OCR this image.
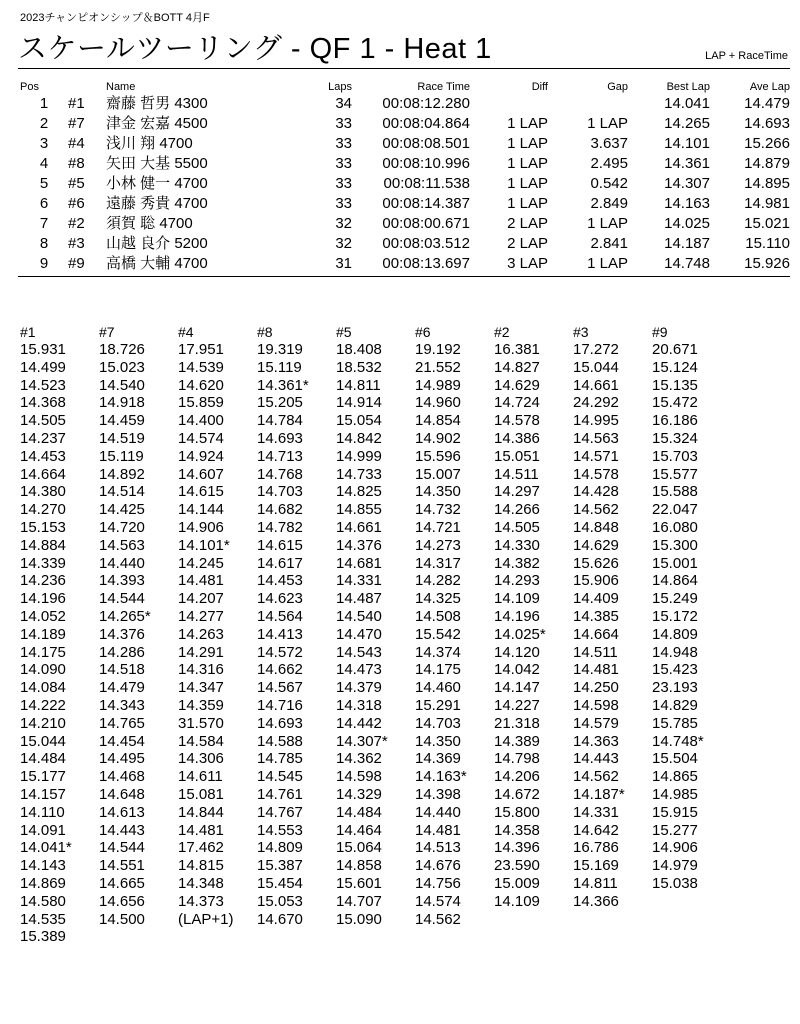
2023チャンピオンシップ＆BOTT 4月F
スケールツーリング - QF 1 - Heat 1	LAP + RaceTime
Pos		Name	Laps	Race Time	Diff	Gap	Best Lap	Ave Lap
1	#1	齋藤 哲男 4300	34	00:08:12.280			14.041	14.479
2	#7	津金 宏嘉 4500	33	00:08:04.864	1 LAP	1 LAP	14.265	14.693
3	#4	浅川 翔 4700	33	00:08:08.501	1 LAP	3.637	14.101	15.266
4	#8	矢田 大基 5500	33	00:08:10.996	1 LAP	2.495	14.361	14.879
5	#5	小林 健一 4700	33	00:08:11.538	1 LAP	0.542	14.307	14.895
6	#6	遠藤 秀貴 4700	33	00:08:14.387	1 LAP	2.849	14.163	14.981
7	#2	須賀 聡 4700	32	00:08:00.671	2 LAP	1 LAP	14.025	15.021
8	#3	山越 良介 5200	32	00:08:03.512	2 LAP	2.841	14.187	15.110
9	#9	高橋 大輔 4700	31	00:08:13.697	3 LAP	1 LAP	14.748	15.926
#1	#7	#4	#8	#5	#6	#2	#3	#9
15.931	18.726	17.951	19.319	18.408	19.192	16.381	17.272	20.671
14.499	15.023	14.539	15.119	18.532	21.552	14.827	15.044	15.124
14.523	14.540	14.620	14.361*	14.811	14.989	14.629	14.661	15.135
14.368	14.918	15.859	15.205	14.914	14.960	14.724	24.292	15.472
14.505	14.459	14.400	14.784	15.054	14.854	14.578	14.995	16.186
14.237	14.519	14.574	14.693	14.842	14.902	14.386	14.563	15.324
14.453	15.119	14.924	14.713	14.999	15.596	15.051	14.571	15.703
14.664	14.892	14.607	14.768	14.733	15.007	14.511	14.578	15.577
14.380	14.514	14.615	14.703	14.825	14.350	14.297	14.428	15.588
14.270	14.425	14.144	14.682	14.855	14.732	14.266	14.562	22.047
15.153	14.720	14.906	14.782	14.661	14.721	14.505	14.848	16.080
14.884	14.563	14.101*	14.615	14.376	14.273	14.330	14.629	15.300
14.339	14.440	14.245	14.617	14.681	14.317	14.382	15.626	15.001
14.236	14.393	14.481	14.453	14.331	14.282	14.293	15.906	14.864
14.196	14.544	14.207	14.623	14.487	14.325	14.109	14.409	15.249
14.052	14.265*	14.277	14.564	14.540	14.508	14.196	14.385	15.172
14.189	14.376	14.263	14.413	14.470	15.542	14.025*	14.664	14.809
14.175	14.286	14.291	14.572	14.543	14.374	14.120	14.511	14.948
14.090	14.518	14.316	14.662	14.473	14.175	14.042	14.481	15.423
14.084	14.479	14.347	14.567	14.379	14.460	14.147	14.250	23.193
14.222	14.343	14.359	14.716	14.318	15.291	14.227	14.598	14.829
14.210	14.765	31.570	14.693	14.442	14.703	21.318	14.579	15.785
15.044	14.454	14.584	14.588	14.307*	14.350	14.389	14.363	14.748*
14.484	14.495	14.306	14.785	14.362	14.369	14.798	14.443	15.504
15.177	14.468	14.611	14.545	14.598	14.163*	14.206	14.562	14.865
14.157	14.648	15.081	14.761	14.329	14.398	14.672	14.187*	14.985
14.110	14.613	14.844	14.767	14.484	14.440	15.800	14.331	15.915
14.091	14.443	14.481	14.553	14.464	14.481	14.358	14.642	15.277
14.041*	14.544	17.462	14.809	15.064	14.513	14.396	16.786	14.906
14.143	14.551	14.815	15.387	14.858	14.676	23.590	15.169	14.979
14.869	14.665	14.348	15.454	15.601	14.756	15.009	14.811	15.038
14.580	14.656	14.373	15.053	14.707	14.574	14.109	14.366	
14.535	14.500	(LAP+1)	14.670	15.090	14.562			
15.389								
